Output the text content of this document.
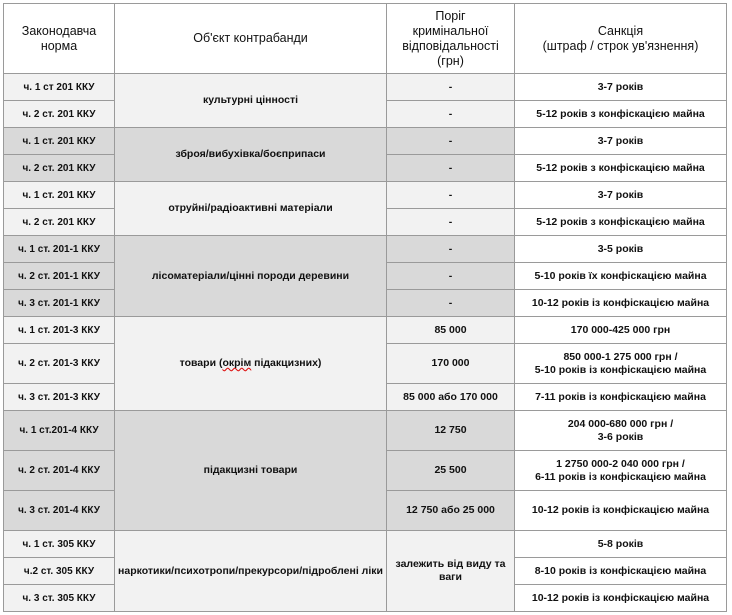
Законодавча
норма	Об'єкт контрабанди	Поріг
кримінальної
відповідальності
(грн)	Санкція
(штраф / строк ув'язнення)

ч. 1 ст 201 ККУ	культурні цінності	-	3-7 років

ч. 2 ст. 201 ККУ		-	5-12 років з конфіскацією майна

ч. 1 ст. 201 ККУ	зброя/вибухівка/боєприпаси	-	3-7 років

ч. 2 ст. 201 ККУ		-	5-12 років з конфіскацією майна

ч. 1 ст. 201 ККУ	отруйні/радіоактивні матеріали	-	3-7 років

ч. 2 ст. 201 ККУ		-	5-12 років з конфіскацією майна

ч. 1 ст. 201-1 ККУ	лісоматеріали/цінні породи деревини	-	3-5 років

ч. 2 ст. 201-1 ККУ		-	5-10 років їх конфіскацією майна

ч. 3 ст. 201-1 ККУ		-	10-12 років із конфіскацією майна

ч. 1 ст. 201-3 ККУ	товари (окрім підакцизних)	85 000	170 000-425 000 грн

ч. 2 ст. 201-3 ККУ		170 000	850 000-1 275 000 грн /
5-10 років із конфіскацією майна

ч. 3 ст. 201-3 ККУ		85 000 або 170 000	7-11 років із конфіскацією майна

ч. 1 ст.201-4 ККУ	підакцизні товари	12 750	204 000-680 000 грн /
3-6 років

ч. 2 ст. 201-4 ККУ		25 500	1 2750 000-2 040 000 грн /
6-11 років із конфіскацією майна

ч. 3 ст. 201-4 ККУ		12 750 або 25 000	10-12 років із конфіскацією майна

ч. 1 ст. 305 ККУ	наркотики/психотропи/прекурсори/підроблені ліки	залежить від виду та ваги	5-8 років

ч.2 ст. 305 ККУ			8-10 років із конфіскацією майна

ч. 3 ст. 305 ККУ			10-12 років із конфіскацією майна
